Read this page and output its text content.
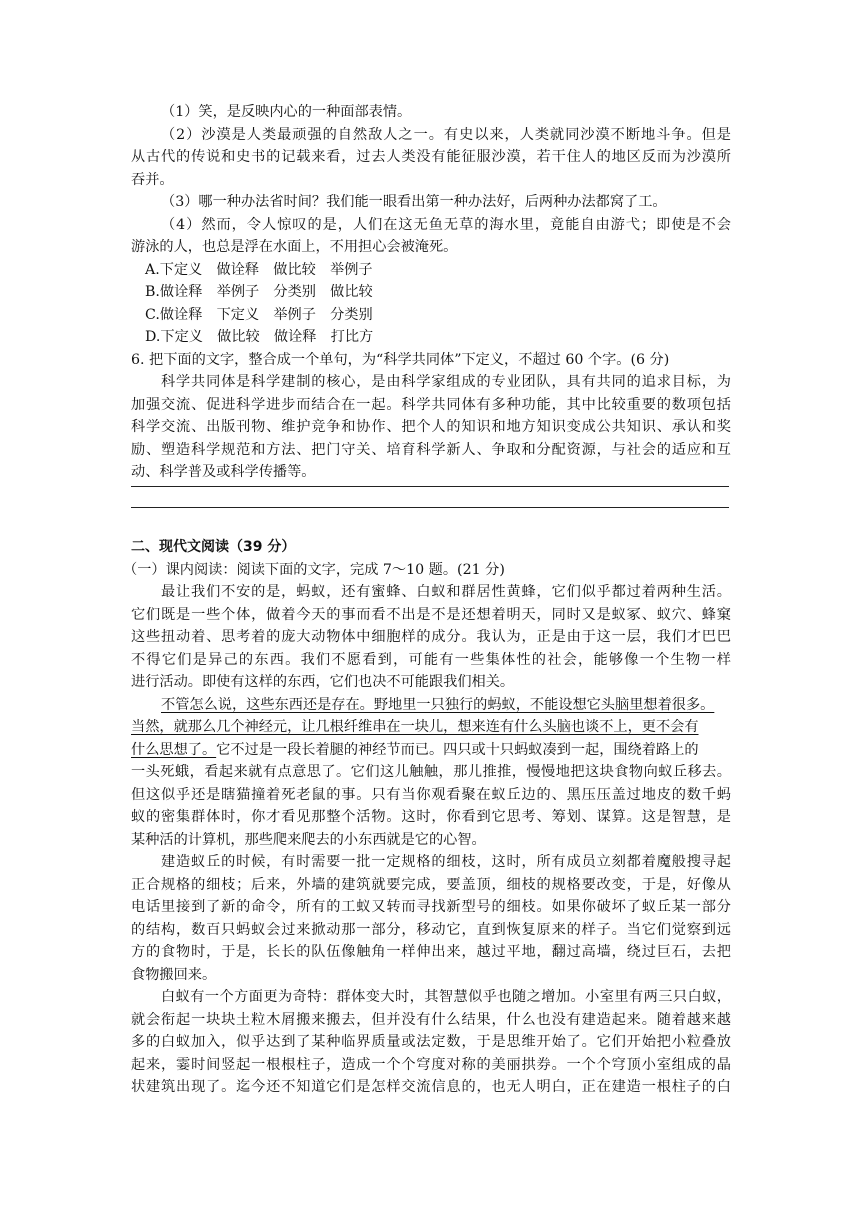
（1）笑，是反映内心的一种面部表情。
（2）沙漠是人类最顽强的自然敌人之一。有史以来，人类就同沙漠不断地斗争。但是
从古代的传说和史书的记载来看，过去人类没有能征服沙漠，若干住人的地区反而为沙漠所
吞并。
（3）哪一种办法省时间？我们能一眼看出第一种办法好，后两种办法都窝了工。
（4）然而，令人惊叹的是，人们在这无鱼无草的海水里，竟能自由游弋；即使是不会
游泳的人，也总是浮在水面上，不用担心会被淹死。
A.下定义　做诠释　做比较　举例子
B.做诠释　举例子　分类别　做比较
C.做诠释　下定义　举例子　分类别
D.下定义　做比较　做诠释　打比方
6. 把下面的文字，整合成一个单句，为“科学共同体”下定义，不超过 60 个字。(6 分)
科学共同体是科学建制的核心，是由科学家组成的专业团队，具有共同的追求目标，为
加强交流、促进科学进步而结合在一起。科学共同体有多种功能，其中比较重要的数项包括
科学交流、出版刊物、维护竞争和协作、把个人的知识和地方知识变成公共知识、承认和奖
励、塑造科学规范和方法、把门守关、培育科学新人、争取和分配资源，与社会的适应和互
动、科学普及或科学传播等。
二、现代文阅读（39 分）
（一）课内阅读：阅读下面的文字，完成 7～10 题。(21 分)
最让我们不安的是，蚂蚁，还有蜜蜂、白蚁和群居性黄蜂，它们似乎都过着两种生活。
它们既是一些个体，做着今天的事而看不出是不是还想着明天，同时又是蚁冢、蚁穴、蜂窠
这些扭动着、思考着的庞大动物体中细胞样的成分。我认为，正是由于这一层，我们才巴巴
不得它们是异己的东西。我们不愿看到，可能有一些集体性的社会，能够像一个生物一样
进行活动。即使有这样的东西，它们也决不可能跟我们相关。
不管怎么说，这些东西还是存在。野地里一只独行的蚂蚁，不能设想它头脑里想着很多。
当然，就那么几个神经元，让几根纤维串在一块儿，想来连有什么头脑也谈不上，更不会有
什么思想了。它不过是一段长着腿的神经节而已。四只或十只蚂蚁凑到一起，围绕着路上的
一头死蛾，看起来就有点意思了。它们这儿触触，那儿推推，慢慢地把这块食物向蚁丘移去。
但这似乎还是瞎猫撞着死老鼠的事。只有当你观看聚在蚁丘边的、黑压压盖过地皮的数千蚂
蚁的密集群体时，你才看见那整个活物。这时，你看到它思考、筹划、谋算。这是智慧，是
某种活的计算机，那些爬来爬去的小东西就是它的心智。
建造蚁丘的时候，有时需要一批一定规格的细枝，这时，所有成员立刻都着魔般搜寻起
正合规格的细枝；后来，外墙的建筑就要完成，要盖顶，细枝的规格要改变，于是，好像从
电话里接到了新的命令，所有的工蚁又转而寻找新型号的细枝。如果你破坏了蚁丘某一部分
的结构，数百只蚂蚁会过来掀动那一部分，移动它，直到恢复原来的样子。当它们觉察到远
方的食物时，于是，长长的队伍像触角一样伸出来，越过平地，翻过高墙，绕过巨石，去把
食物搬回来。
白蚁有一个方面更为奇特：群体变大时，其智慧似乎也随之增加。小室里有两三只白蚁，
就会衔起一块块土粒木屑搬来搬去，但并没有什么结果，什么也没有建造起来。随着越来越
多的白蚁加入，似乎达到了某种临界质量或法定数，于是思维开始了。它们开始把小粒叠放
起来，霎时间竖起一根根柱子，造成一个个穹度对称的美丽拱券。一个个穹顶小室组成的晶
状建筑出现了。迄今还不知道它们是怎样交流信息的，也无人明白，正在建造一根柱子的白
